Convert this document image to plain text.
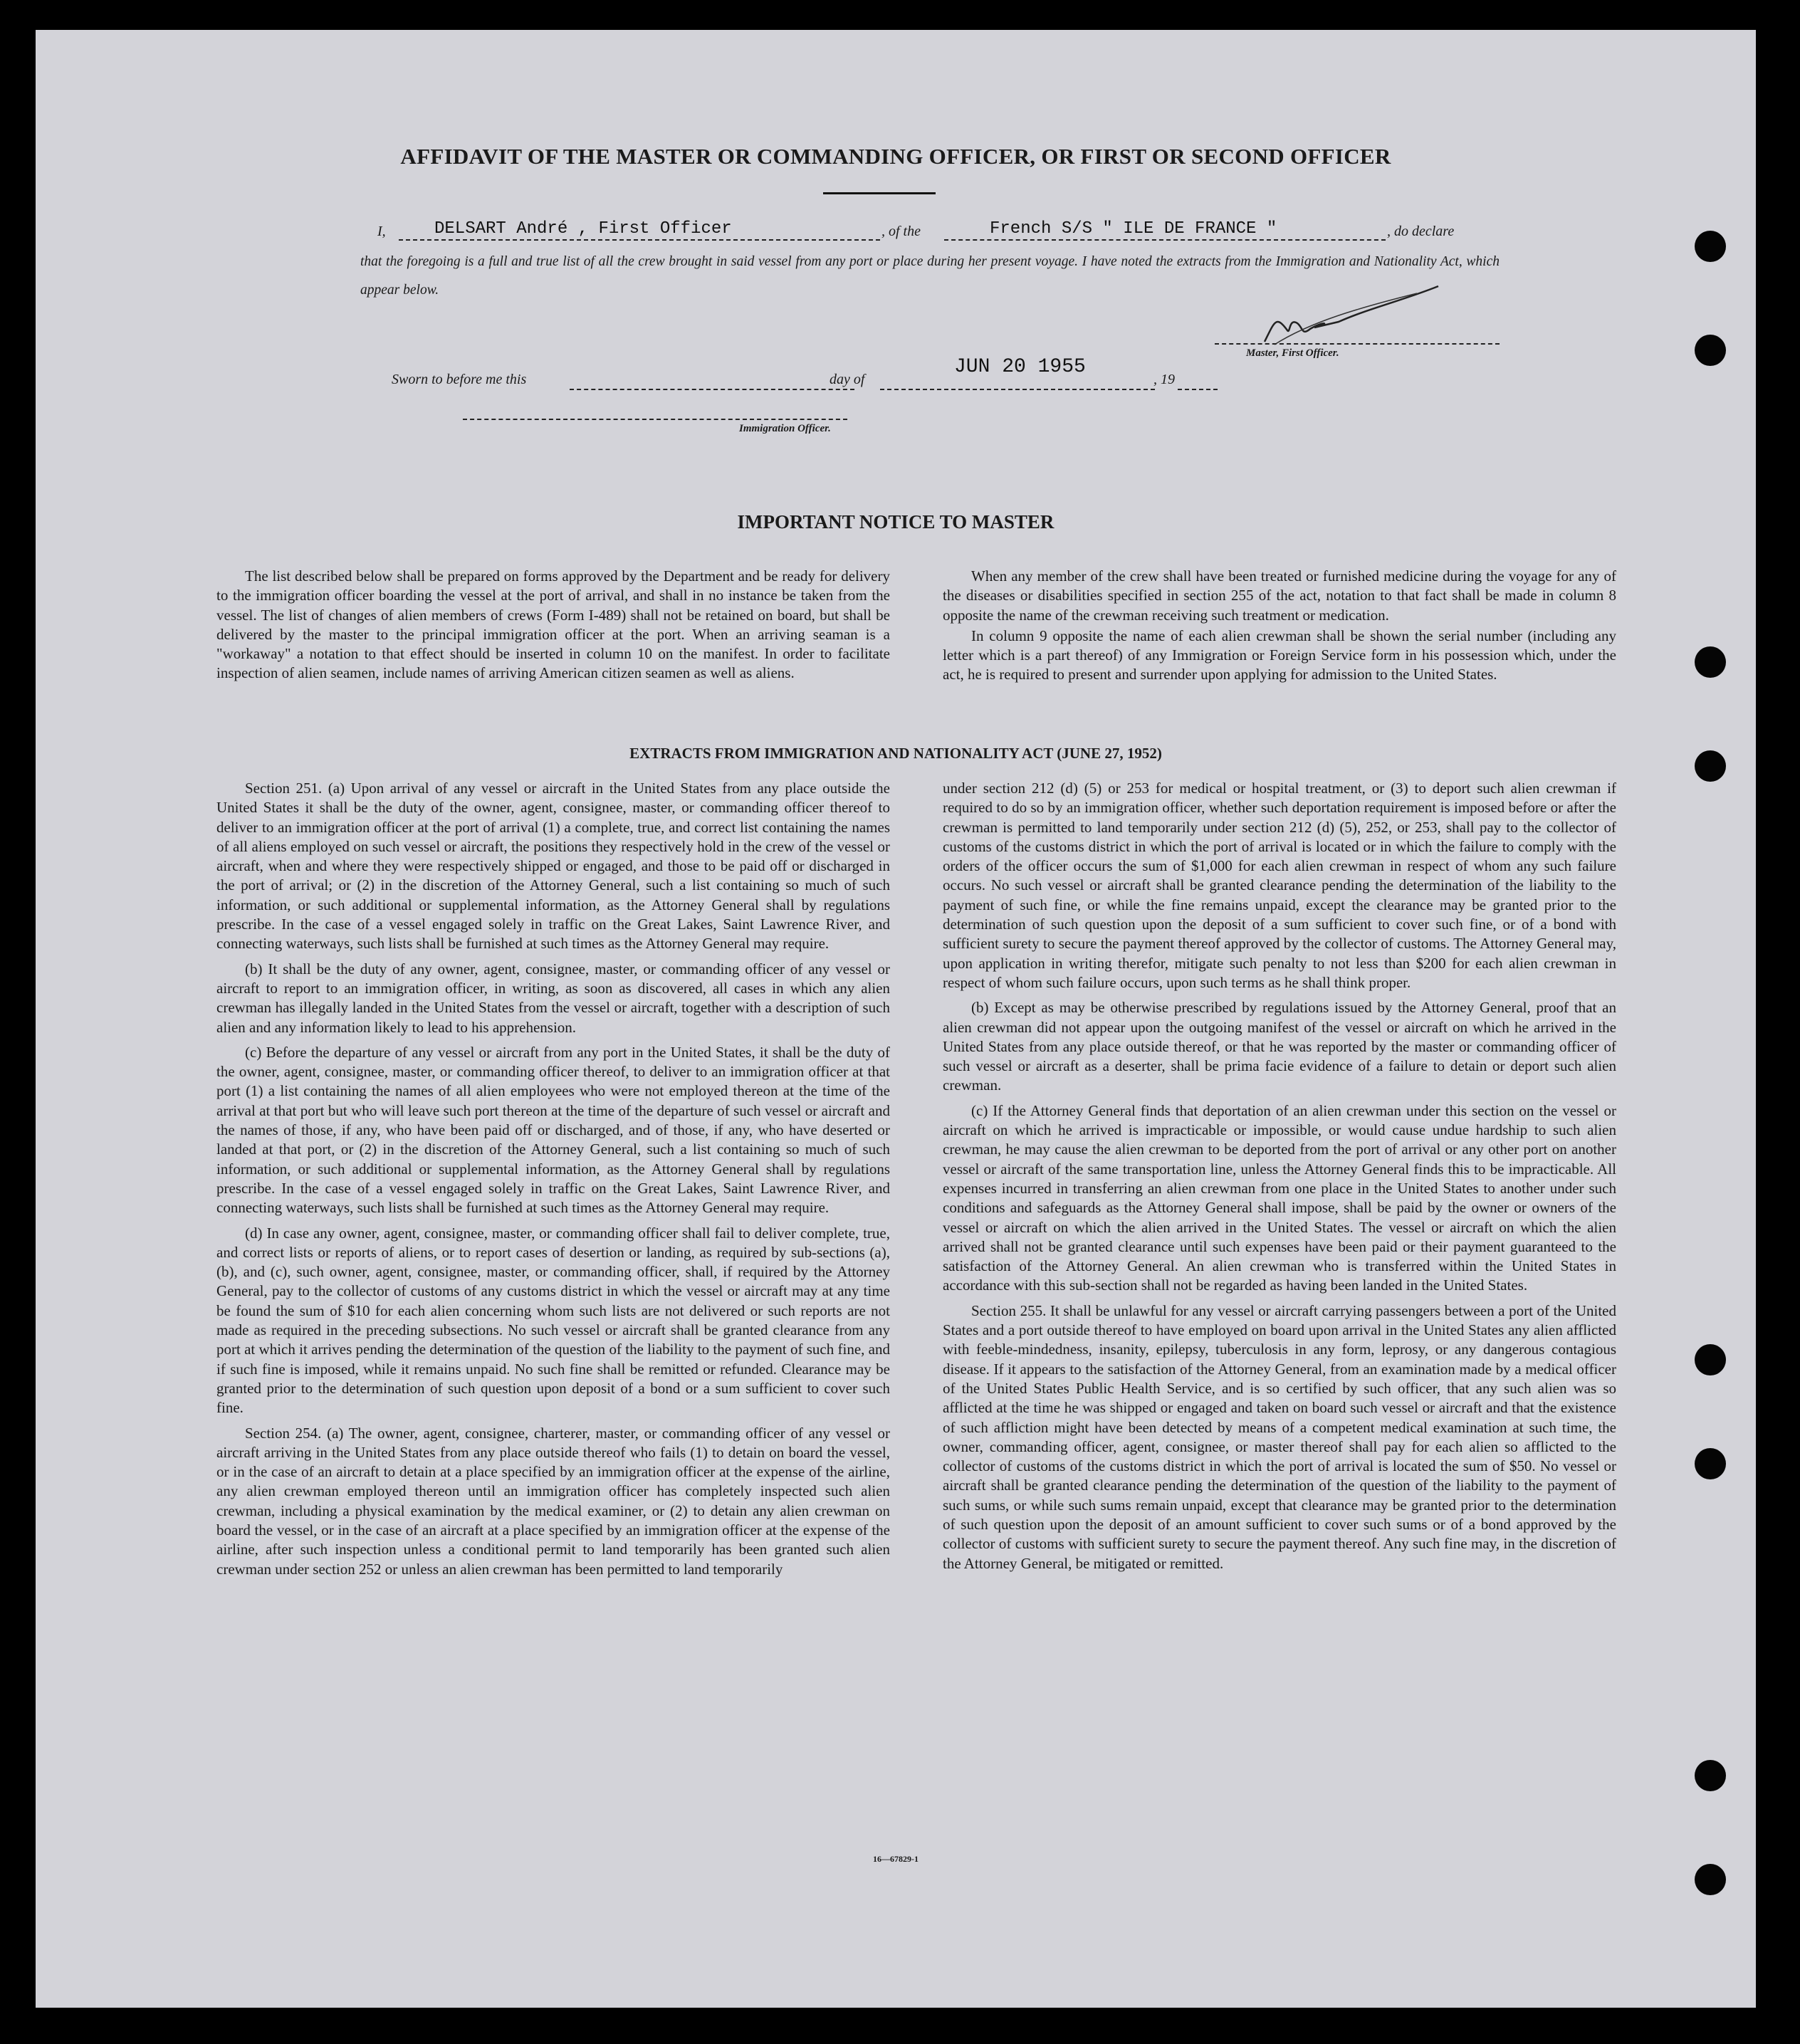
AFFIDAVIT OF THE MASTER OR COMMANDING OFFICER, OR FIRST OR SECOND OFFICER
I,	DELSART André , First Officer	, of the	French S/S " ILE DE FRANCE "	, do declare
that the foregoing is a full and true list of all the crew brought in said vessel from any port or place during her present voyage. I have noted the extracts from the Immigration and Nationality Act, which appear below.
Master, First Officer.
Sworn to before me this	day of
JUN 20 1955
, 19
Immigration Officer.
IMPORTANT NOTICE TO MASTER

The list described below shall be prepared on forms approved by the Department and be ready for delivery to the immigration officer boarding the vessel at the port of arrival, and shall in no instance be taken from the vessel. The list of changes of alien members of crews (Form I-489) shall not be retained on board, but shall be delivered by the master to the principal immigration officer at the port. When an arriving seaman is a "workaway" a notation to that effect should be inserted in column 10 on the manifest. In order to facilitate inspection of alien seamen, include names of arriving American citizen seamen as well as aliens.

When any member of the crew shall have been treated or furnished medicine during the voyage for any of the diseases or disabilities specified in section 255 of the act, notation to that fact shall be made in column 8 opposite the name of the crewman receiving such treatment or medication.

In column 9 opposite the name of each alien crewman shall be shown the serial number (including any letter which is a part thereof) of any Immigration or Foreign Service form in his possession which, under the act, he is required to present and surrender upon applying for admission to the United States.

EXTRACTS FROM IMMIGRATION AND NATIONALITY ACT (JUNE 27, 1952)

Section 251. (a) Upon arrival of any vessel or aircraft in the United States from any place outside the United States it shall be the duty of the owner, agent, consignee, master, or commanding officer thereof to deliver to an immigration officer at the port of arrival (1) a complete, true, and correct list containing the names of all aliens employed on such vessel or aircraft, the positions they respectively hold in the crew of the vessel or aircraft, when and where they were respectively shipped or engaged, and those to be paid off or discharged in the port of arrival; or (2) in the discretion of the Attorney General, such a list containing so much of such information, or such additional or supplemental information, as the Attorney General shall by regulations prescribe. In the case of a vessel engaged solely in traffic on the Great Lakes, Saint Lawrence River, and connecting waterways, such lists shall be furnished at such times as the Attorney General may require.

(b) It shall be the duty of any owner, agent, consignee, master, or commanding officer of any vessel or aircraft to report to an immigration officer, in writing, as soon as discovered, all cases in which any alien crewman has illegally landed in the United States from the vessel or aircraft, together with a description of such alien and any information likely to lead to his apprehension.

(c) Before the departure of any vessel or aircraft from any port in the United States, it shall be the duty of the owner, agent, consignee, master, or commanding officer thereof, to deliver to an immigration officer at that port (1) a list containing the names of all alien employees who were not employed thereon at the time of the arrival at that port but who will leave such port thereon at the time of the departure of such vessel or aircraft and the names of those, if any, who have been paid off or discharged, and of those, if any, who have deserted or landed at that port, or (2) in the discretion of the Attorney General, such a list containing so much of such information, or such additional or supplemental information, as the Attorney General shall by regulations prescribe. In the case of a vessel engaged solely in traffic on the Great Lakes, Saint Lawrence River, and connecting waterways, such lists shall be furnished at such times as the Attorney General may require.

(d) In case any owner, agent, consignee, master, or commanding officer shall fail to deliver complete, true, and correct lists or reports of aliens, or to report cases of desertion or landing, as required by sub-sections (a), (b), and (c), such owner, agent, consignee, master, or commanding officer, shall, if required by the Attorney General, pay to the collector of customs of any customs district in which the vessel or aircraft may at any time be found the sum of $10 for each alien concerning whom such lists are not delivered or such reports are not made as required in the preceding subsections. No such vessel or aircraft shall be granted clearance from any port at which it arrives pending the determination of the question of the liability to the payment of such fine, and if such fine is imposed, while it remains unpaid. No such fine shall be remitted or refunded. Clearance may be granted prior to the determination of such question upon deposit of a bond or a sum sufficient to cover such fine.

Section 254. (a) The owner, agent, consignee, charterer, master, or commanding officer of any vessel or aircraft arriving in the United States from any place outside thereof who fails (1) to detain on board the vessel, or in the case of an aircraft to detain at a place specified by an immigration officer at the expense of the airline, any alien crewman employed thereon until an immigration officer has completely inspected such alien crewman, including a physical examination by the medical examiner, or (2) to detain any alien crewman on board the vessel, or in the case of an aircraft at a place specified by an immigration officer at the expense of the airline, after such inspection unless a conditional permit to land temporarily has been granted such alien crewman under section 252 or unless an alien crewman has been permitted to land temporarily

under section 212 (d) (5) or 253 for medical or hospital treatment, or (3) to deport such alien crewman if required to do so by an immigration officer, whether such deportation requirement is imposed before or after the crewman is permitted to land temporarily under section 212 (d) (5), 252, or 253, shall pay to the collector of customs of the customs district in which the port of arrival is located or in which the failure to comply with the orders of the officer occurs the sum of $1,000 for each alien crewman in respect of whom any such failure occurs. No such vessel or aircraft shall be granted clearance pending the determination of the liability to the payment of such fine, or while the fine remains unpaid, except the clearance may be granted prior to the determination of such question upon the deposit of a sum sufficient to cover such fine, or of a bond with sufficient surety to secure the payment thereof approved by the collector of customs. The Attorney General may, upon application in writing therefor, mitigate such penalty to not less than $200 for each alien crewman in respect of whom such failure occurs, upon such terms as he shall think proper.

(b) Except as may be otherwise prescribed by regulations issued by the Attorney General, proof that an alien crewman did not appear upon the outgoing manifest of the vessel or aircraft on which he arrived in the United States from any place outside thereof, or that he was reported by the master or commanding officer of such vessel or aircraft as a deserter, shall be prima facie evidence of a failure to detain or deport such alien crewman.

(c) If the Attorney General finds that deportation of an alien crewman under this section on the vessel or aircraft on which he arrived is impracticable or impossible, or would cause undue hardship to such alien crewman, he may cause the alien crewman to be deported from the port of arrival or any other port on another vessel or aircraft of the same transportation line, unless the Attorney General finds this to be impracticable. All expenses incurred in transferring an alien crewman from one place in the United States to another under such conditions and safeguards as the Attorney General shall impose, shall be paid by the owner or owners of the vessel or aircraft on which the alien arrived in the United States. The vessel or aircraft on which the alien arrived shall not be granted clearance until such expenses have been paid or their payment guaranteed to the satisfaction of the Attorney General. An alien crewman who is transferred within the United States in accordance with this sub-section shall not be regarded as having been landed in the United States.

Section 255. It shall be unlawful for any vessel or aircraft carrying passengers between a port of the United States and a port outside thereof to have employed on board upon arrival in the United States any alien afflicted with feeble-mindedness, insanity, epilepsy, tuberculosis in any form, leprosy, or any dangerous contagious disease. If it appears to the satisfaction of the Attorney General, from an examination made by a medical officer of the United States Public Health Service, and is so certified by such officer, that any such alien was so afflicted at the time he was shipped or engaged and taken on board such vessel or aircraft and that the existence of such affliction might have been detected by means of a competent medical examination at such time, the owner, commanding officer, agent, consignee, or master thereof shall pay for each alien so afflicted to the collector of customs of the customs district in which the port of arrival is located the sum of $50. No vessel or aircraft shall be granted clearance pending the determination of the question of the liability to the payment of such sums, or while such sums remain unpaid, except that clearance may be granted prior to the determination of such question upon the deposit of an amount sufficient to cover such sums or of a bond approved by the collector of customs with sufficient surety to secure the payment thereof. Any such fine may, in the discretion of the Attorney General, be mitigated or remitted.

16—67829-1
